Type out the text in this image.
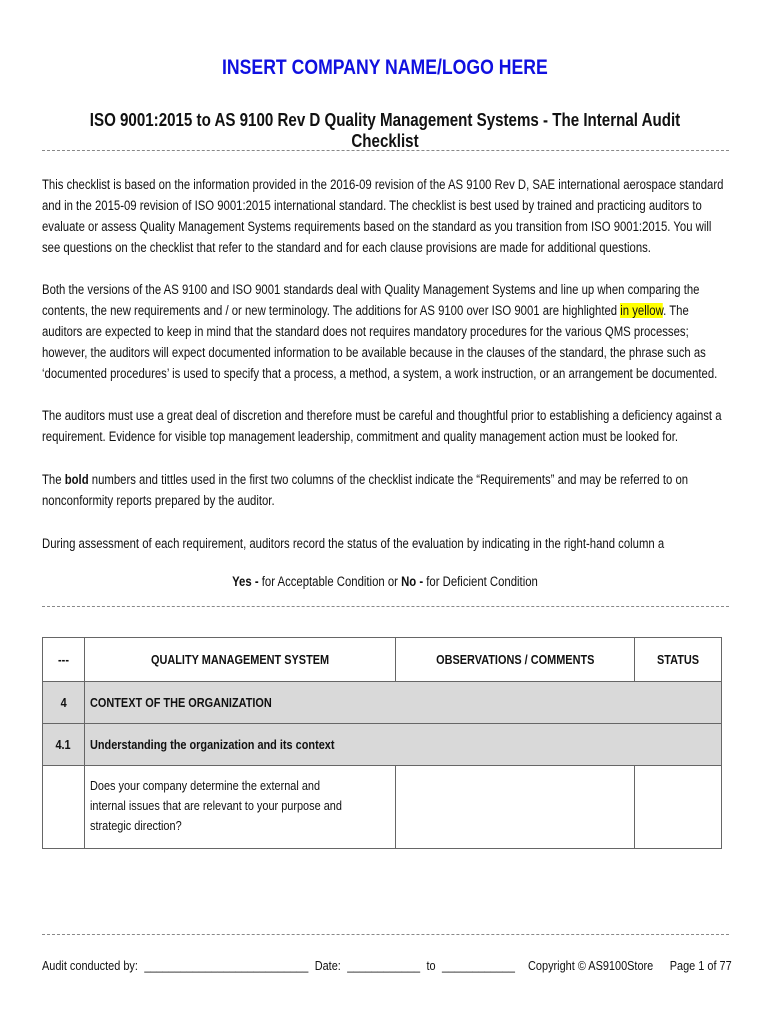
INSERT COMPANY NAME/LOGO HERE
ISO 9001:2015 to AS 9100 Rev D Quality Management Systems - The Internal Audit Checklist

This checklist is based on the information provided in the 2016-09 revision of the AS 9100 Rev D, SAE international aerospace standard and in the 2015-09 revision of ISO 9001:2015 international standard. The checklist is best used by trained and practicing auditors to evaluate or assess Quality Management Systems requirements based on the standard as you transition from ISO 9001:2015. You will see questions on the checklist that refer to the standard and for each clause provisions are made for additional questions.

Both the versions of the AS 9100 and ISO 9001 standards deal with Quality Management Systems and line up when comparing the contents, the new requirements and / or new terminology. The additions for AS 9100 over ISO 9001 are highlighted in yellow. The auditors are expected to keep in mind that the standard does not requires mandatory procedures for the various QMS processes; however, the auditors will expect documented information to be available because in the clauses of the standard, the phrase such as ‘documented procedures’ is used to specify that a process, a method, a system, a work instruction, or an arrangement be documented.

The auditors must use a great deal of discretion and therefore must be careful and thoughtful prior to establishing a deficiency against a requirement. Evidence for visible top management leadership, commitment and quality management action must be looked for.

The bold numbers and tittles used in the first two columns of the checklist indicate the “Requirements” and may be referred to on nonconformity reports prepared by the auditor.

During assessment of each requirement, auditors record the status of the evaluation by indicating in the right-hand column a

Yes - for Acceptable Condition or No - for Deficient Condition
---	QUALITY MANAGEMENT SYSTEM	OBSERVATIONS / COMMENTS	STATUS
4	CONTEXT OF THE ORGANIZATION		
4.1	Understanding the organization and its context		
	Does your company determine the external and internal issues that are relevant to your purpose and strategic direction?		
Audit conducted by: ___________________________ Date: ____________ to ____________ Copyright © AS9100Store Page 1 of 77
